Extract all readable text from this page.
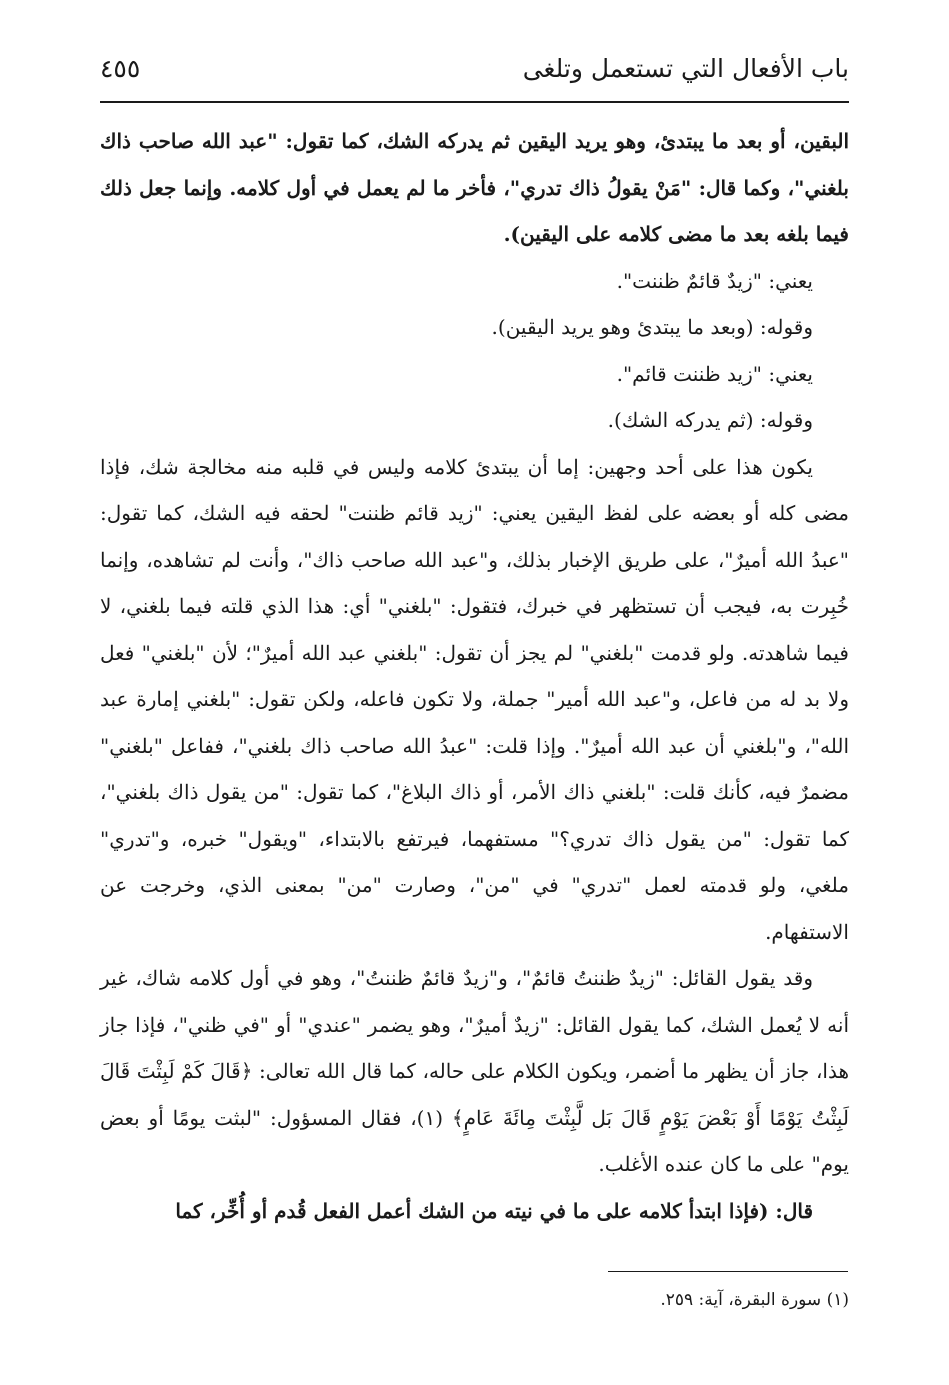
باب الأفعال التي تستعمل وتلغى
٤٥٥

البقين، أو بعد ما يبتدئ، وهو يريد اليقين ثم يدركه الشك، كما تقول: "عبد الله صاحب ذاك بلغني"، وكما قال: "مَنْ يقولُ ذاك تدري"، فأخر ما لم يعمل في أول كلامه. وإنما جعل ذلك فيما بلغه بعد ما مضى كلامه على اليقين).

يعني: "زيدٌ قائمٌ ظننت".

وقوله: (وبعد ما يبتدئ وهو يريد اليقين).

يعني: "زيد ظننت قائم".

وقوله: (ثم يدركه الشك).

يكون هذا على أحد وجهين: إما أن يبتدئ كلامه وليس في قلبه منه مخالجة شك، فإذا مضى كله أو بعضه على لفظ اليقين يعني: "زيد قائم ظننت" لحقه فيه الشك، كما تقول: "عبدُ الله أميرٌ"، على طريق الإخبار بذلك، و"عبد الله صاحب ذاك"، وأنت لم تشاهده، وإنما خُبِرت به، فيجب أن تستظهر في خبرك، فتقول: "بلغني" أي: هذا الذي قلته فيما بلغني، لا فيما شاهدته. ولو قدمت "بلغني" لم يجز أن تقول: "بلغني عبد الله أميرٌ"؛ لأن "بلغني" فعل ولا بد له من فاعل، و"عبد الله أمير" جملة، ولا تكون فاعله، ولكن تقول: "بلغني إمارة عبد الله"، و"بلغني أن عبد الله أميرٌ". وإذا قلت: "عبدُ الله صاحب ذاك بلغني"، ففاعل "بلغني" مضمرٌ فيه، كأنك قلت: "بلغني ذاك الأمر، أو ذاك البلاغ"، كما تقول: "من يقول ذاك بلغني"، كما تقول: "من يقول ذاك تدري؟" مستفهما، فيرتفع بالابتداء، "ويقول" خبره، و"تدري" ملغي، ولو قدمته لعمل "تدري" في "من"، وصارت "من" بمعنى الذي، وخرجت عن الاستفهام.

وقد يقول القائل: "زيدٌ ظننتُ قائمٌ"، و"زيدٌ قائمٌ ظننتُ"، وهو في أول كلامه شاك، غير أنه لا يُعمل الشك، كما يقول القائل: "زيدٌ أميرٌ"، وهو يضمر "عندي" أو "في ظني"، فإذا جاز هذا، جاز أن يظهر ما أضمر، ويكون الكلام على حاله، كما قال الله تعالى: ﴿قَالَ كَمْ لَبِثْتَ قَالَ لَبِثْتُ يَوْمًا أَوْ بَعْضَ يَوْمٍ قَالَ بَل لَّبِثْتَ مِائَةَ عَامٍ﴾ (١)، فقال المسؤول: "لبثت يومًا أو بعض يوم" على ما كان عنده الأغلب.

قال: (فإذا ابتدأ كلامه على ما في نيته من الشك أعمل الفعل قُدم أو أُخِّر، كما

(١) سورة البقرة، آية: ٢٥٩.
